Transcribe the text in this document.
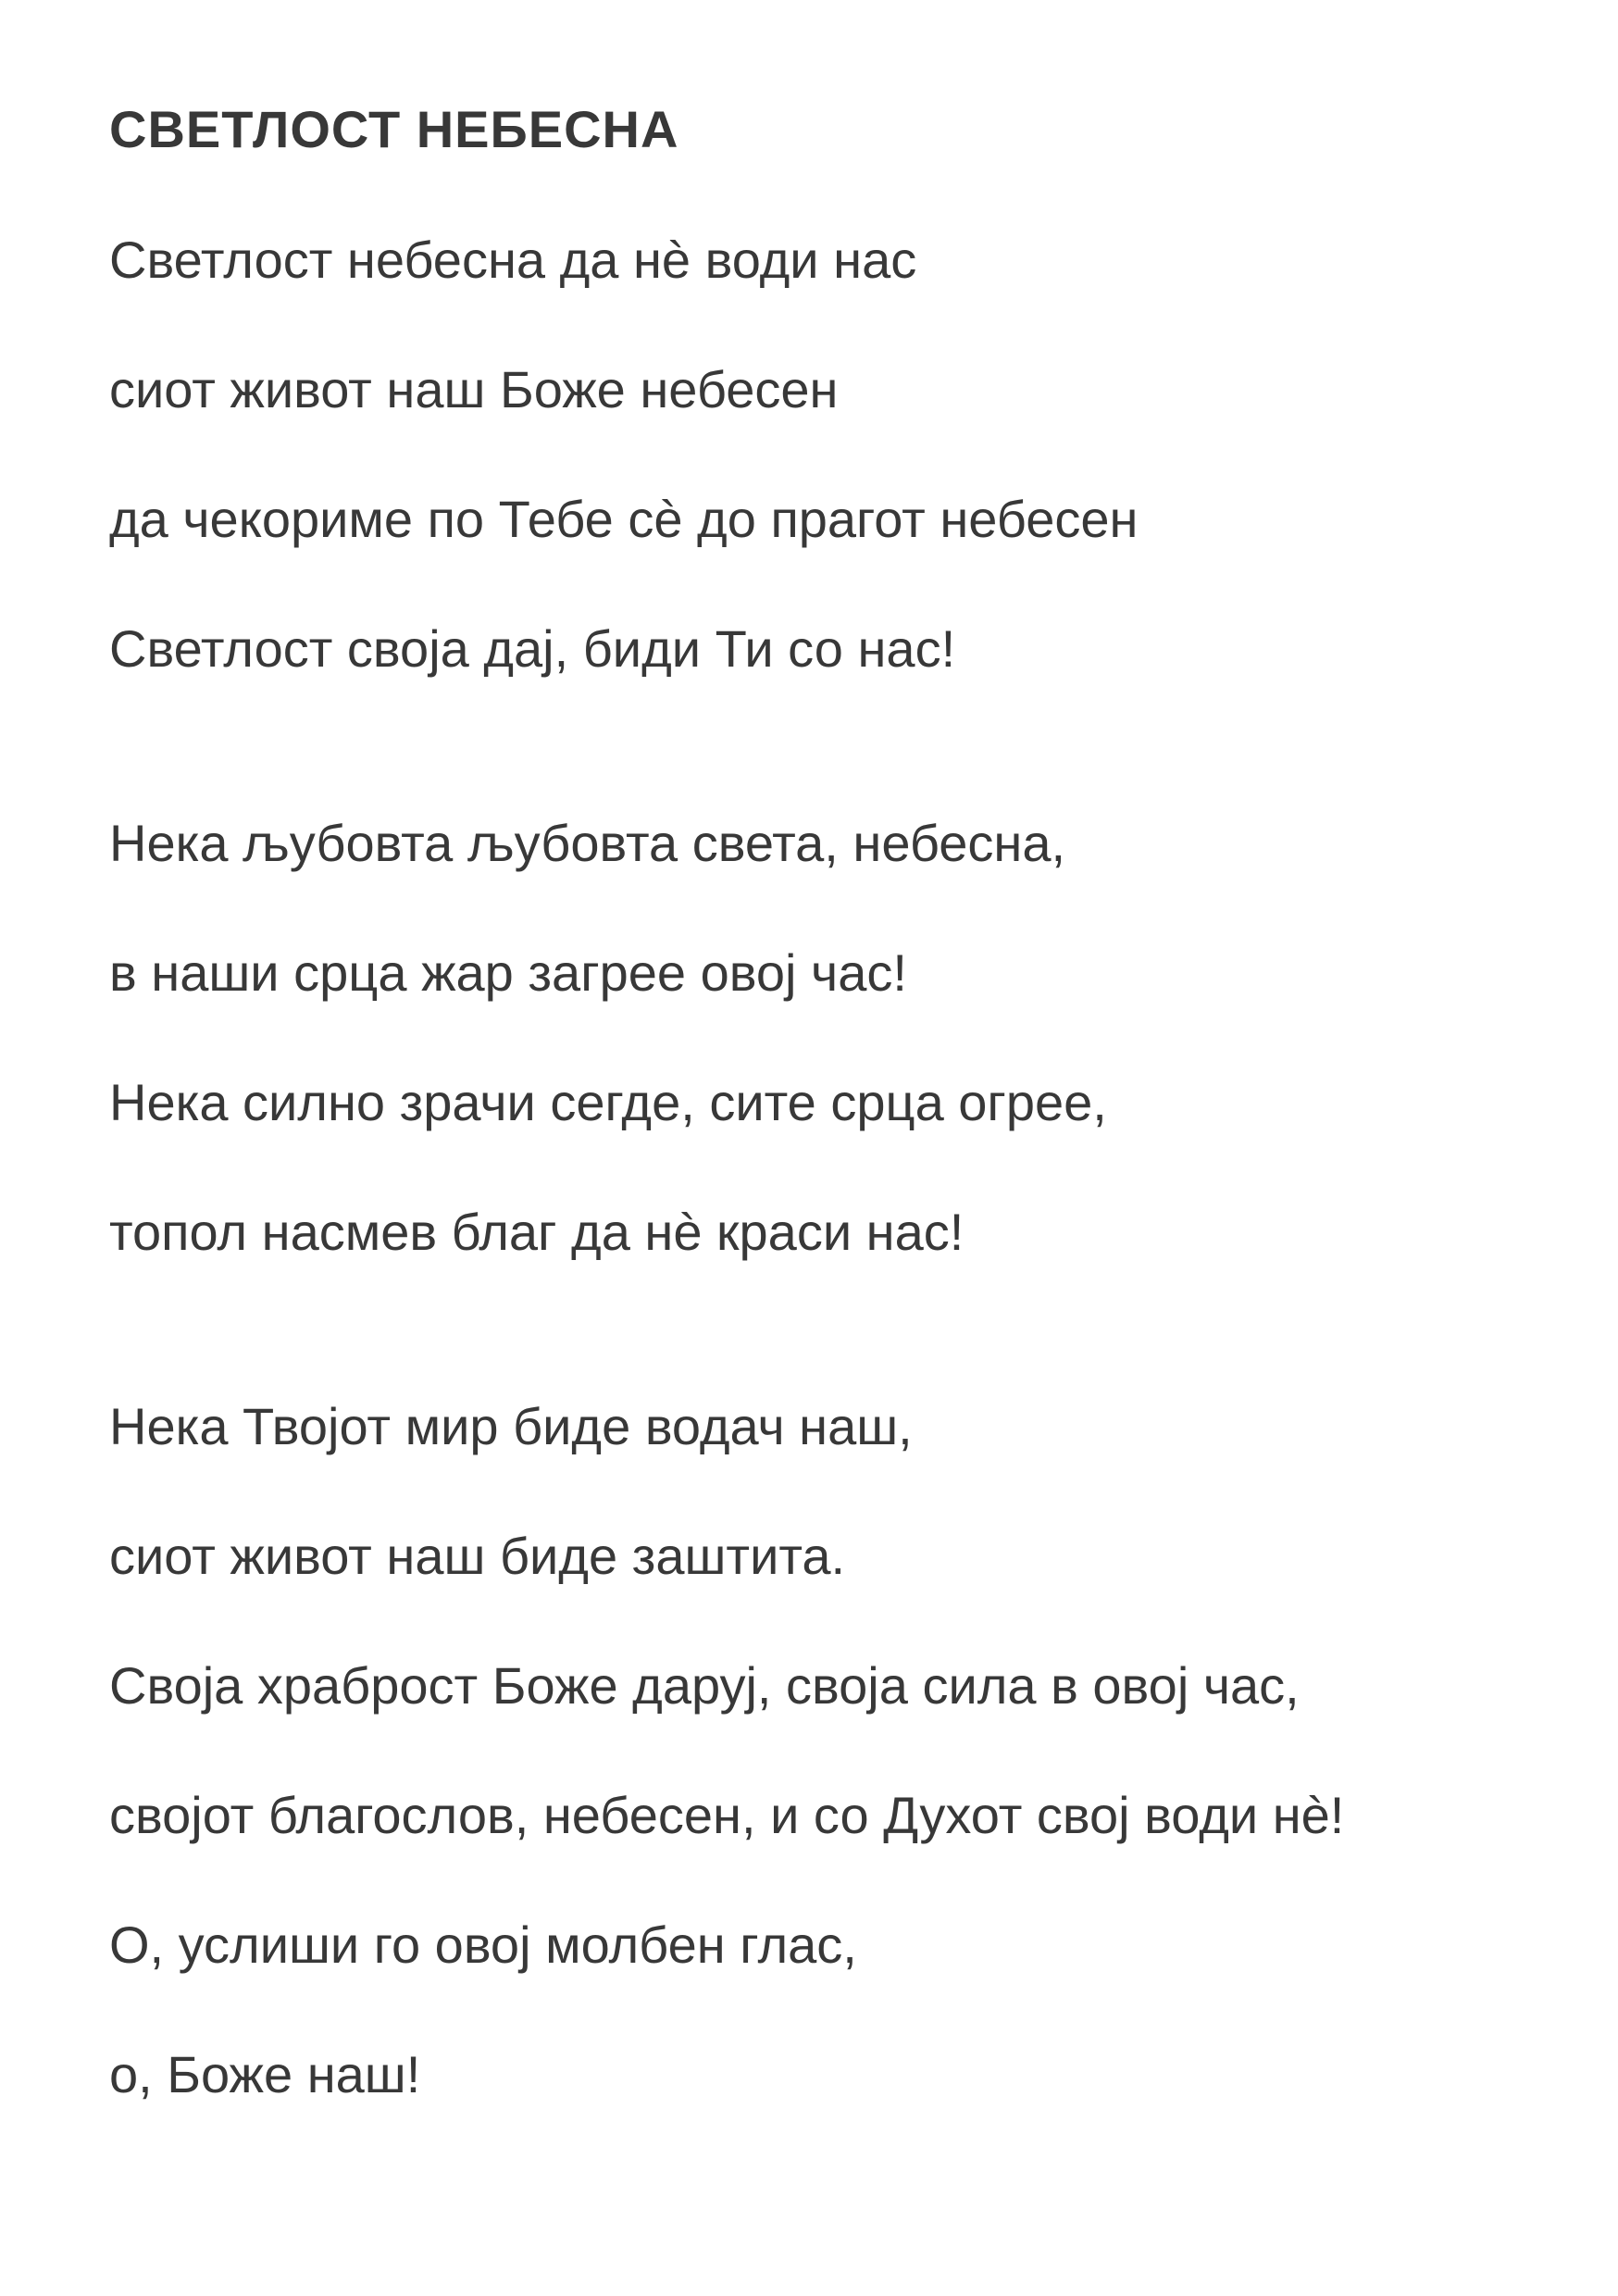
СВЕТЛОСТ НЕБЕСНА

Светлост небесна да нè води нас

сиот живот наш Боже небесен

да чекориме по Тебе сè до прагот небесен

Светлост своја дај, биди Ти со нас!

Нека љубовта љубовта света, небесна,

в наши срца жар загрее овој час!

Нека силно зрачи сегде, сите срца огрее,

топол насмев благ да нè краси нас!

Нека Твојот мир биде водач наш,

сиот живот наш биде заштита.

Своја храброст Боже даруј, своја сила в овој час,

својот благослов, небесен, и со Духот свој води нè!

О, услиши го овој молбен глас,

о, Боже наш!
